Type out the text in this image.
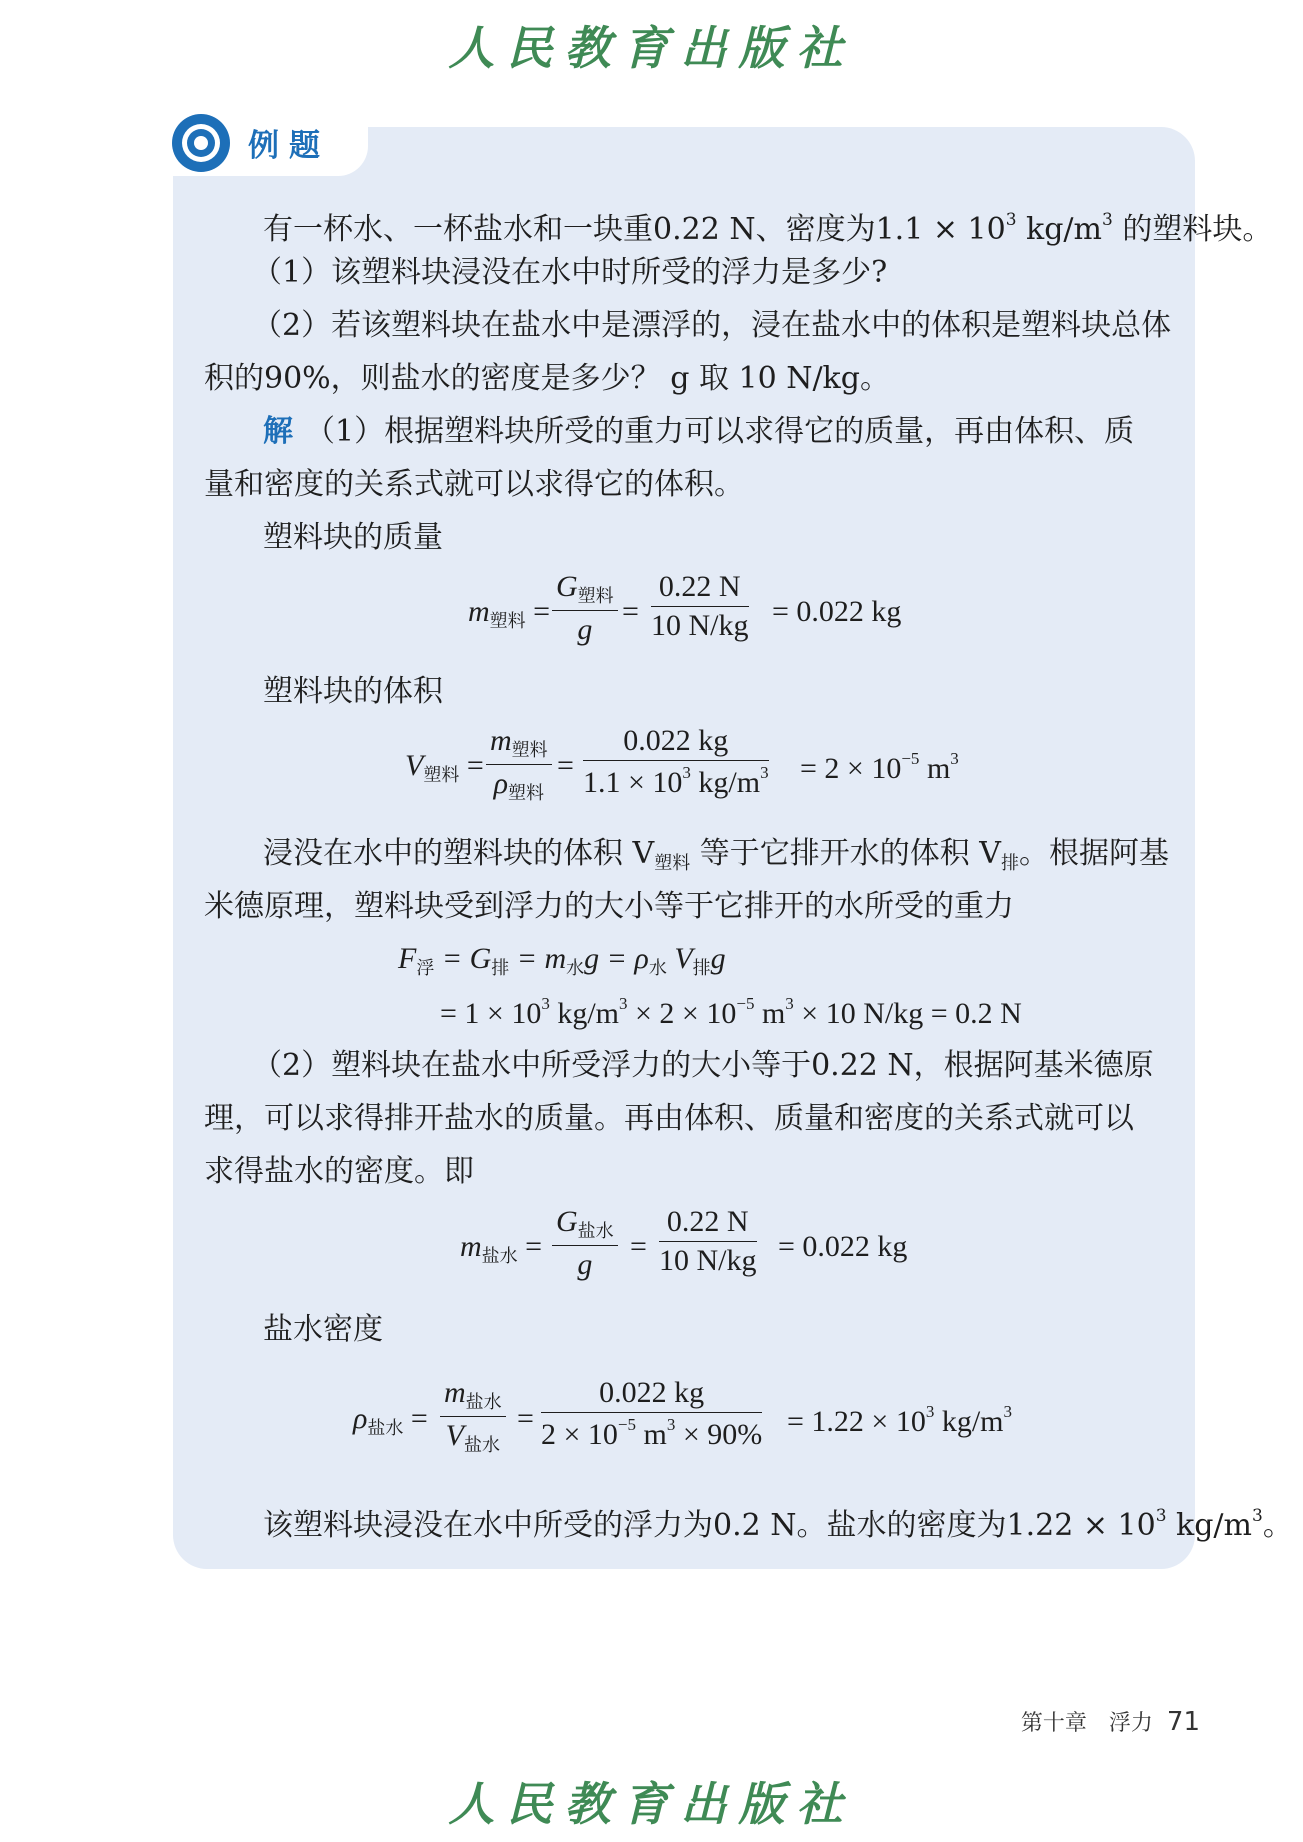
人民教育出版社
例题
有一杯水、一杯盐水和一块重0.22 N、密度为$1.1 \times 10^3$ $kg/m^3$ 的塑料块。
（1）该塑料块浸没在水中时所受的浮力是多少?
（2）若该塑料块在盐水中是漂浮的，浸在盐水中的体积是塑料块总体
积的90%，则盐水的密度是多少？ g 取 10 N/kg。
解 （1）根据塑料块所受的重力可以求得它的质量，再由体积、质
量和密度的关系式就可以求得它的体积。
塑料块的质量
$m_{塑料}$ =
$G_{塑料}$
g
= $\frac{0.22 N}{10 N/kg} = 0.022$ kg
塑料块的体积
$V_{塑料}$ =
$m_{塑料}$
$\rho_{塑料}$
= $\frac{0.022 kg}{1.1 \times 10^3 kg/m^3} = 2 \times 10^{-5}$ $m^3$
浸没在水中的塑料块的体积 $V_{塑料}$ 等于它排开水的体积 $V_排$。根据阿基
米德原理，塑料块受到浮力的大小等于它排开的水所受的重力
$F_浮 = G_排 = m_水g = \rho_水$ $V_排g$
= $1 \times 10^3$ $kg/m^3 \times 2 \times 10^{-5}$ $m^3 \times 10$ N/kg = 0.2 N
（2）塑料块在盐水中所受浮力的大小等于0.22 N，根据阿基米德原
理，可以求得排开盐水的质量。再由体积、质量和密度的关系式就可以
求得盐水的密度。即
$m_{盐水}$ =
$G_{盐水}$
g
= $\frac{0.22 N}{10 N/kg} = 0.022$ kg
盐水密度
$\rho_{盐水}$ =
$m_{盐水}$
$V_{盐水}$
= $\frac{0.022 kg}{2 \times 10^{-5} m^3 \times 90\%} = 1.22 \times 10^3$ $kg/m^3$
该塑料块浸没在水中所受的浮力为0.2 N。盐水的密度为$1.22 \times 10^3$ $kg/m^3$。
第十章　浮力 71
人民教育出版社
